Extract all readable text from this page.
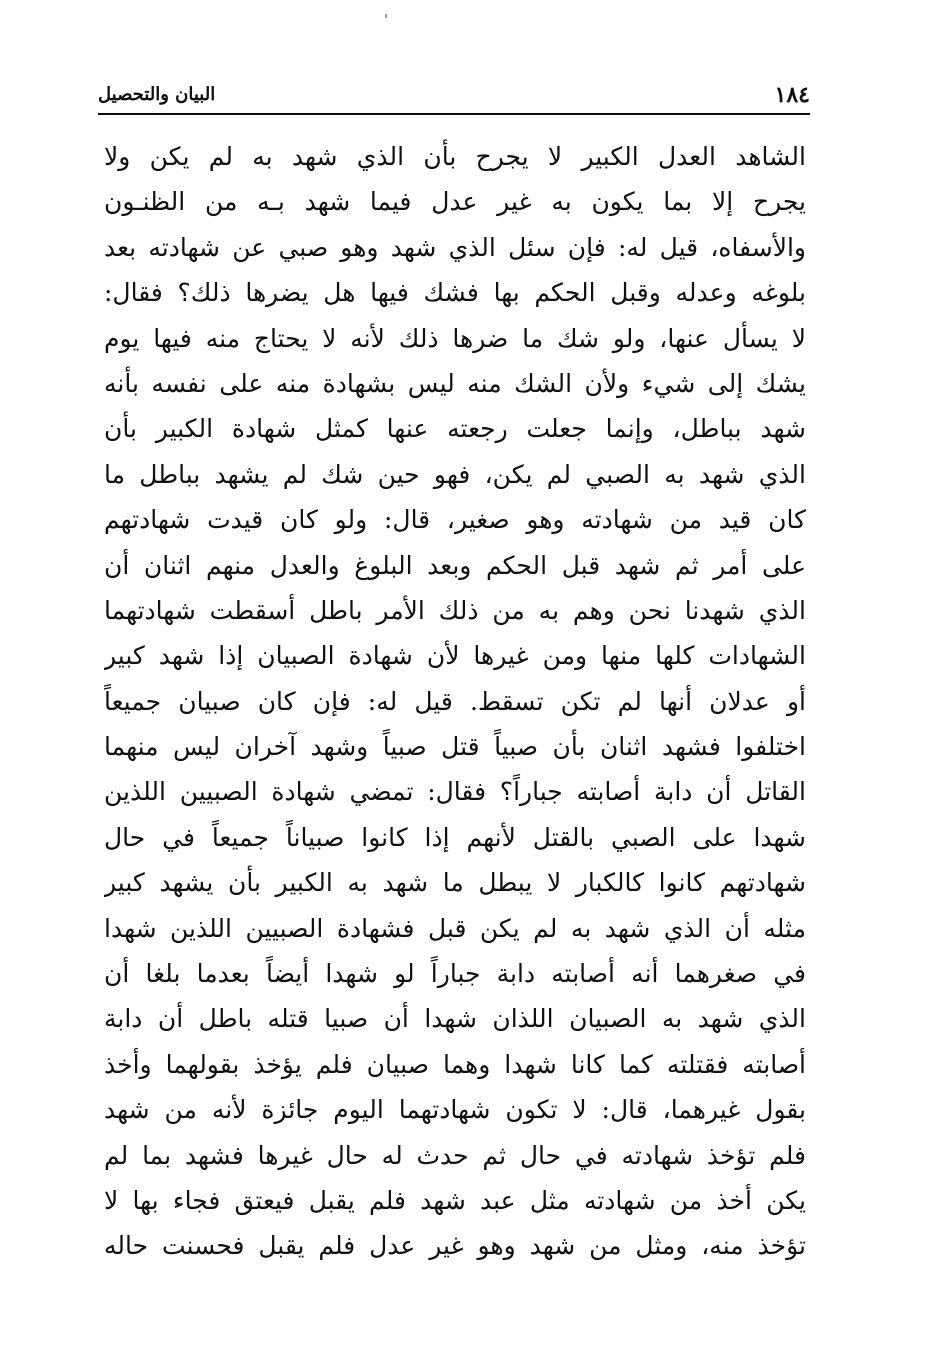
١٨٤
البيان والتحصيل
الشاهد العدل الكبير لا يجرح بأن الذي شهد به لم يكن ولا
يجرح إلا بما يكون به غير عدل فيما شهد بـه من الظنـون
والأسفاه، قيل له: فإن سئل الذي شهد وهو صبي عن شهادته بعد
بلوغه وعدله وقبل الحكم بها فشك فيها هل يضرها ذلك؟ فقال:
لا يسأل عنها، ولو شك ما ضرها ذلك لأنه لا يحتاج منه فيها يوم
يشك إلى شيء ولأن الشك منه ليس بشهادة منه على نفسه بأنه
شهد بباطل، وإنما جعلت رجعته عنها كمثل شهادة الكبير بأن
الذي شهد به الصبي لم يكن، فهو حين شك لم يشهد بباطل ما
كان قيد من شهادته وهو صغير، قال: ولو كان قيدت شهادتهم
على أمر ثم شهد قبل الحكم وبعد البلوغ والعدل منهم اثنان أن
الذي شهدنا نحن وهم به من ذلك الأمر باطل أسقطت شهادتهما
الشهادات كلها منها ومن غيرها لأن شهادة الصبيان إذا شهد كبير
أو عدلان أنها لم تكن تسقط. قيل له: فإن كان صبيان جميعاً
اختلفوا فشهد اثنان بأن صبياً قتل صبياً وشهد آخران ليس منهما
القاتل أن دابة أصابته جباراً؟ فقال: تمضي شهادة الصبيين اللذين
شهدا على الصبي بالقتل لأنهم إذا كانوا صبياناً جميعاً في حال
شهادتهم كانوا كالكبار لا يبطل ما شهد به الكبير بأن يشهد كبير
مثله أن الذي شهد به لم يكن قبل فشهادة الصبيين اللذين شهدا
في صغرهما أنه أصابته دابة جباراً لو شهدا أيضاً بعدما بلغا أن
الذي شهد به الصبيان اللذان شهدا أن صبيا قتله باطل أن دابة
أصابته فقتلته كما كانا شهدا وهما صبيان فلم يؤخذ بقولهما وأخذ
بقول غيرهما، قال: لا تكون شهادتهما اليوم جائزة لأنه من شهد
فلم تؤخذ شهادته في حال ثم حدث له حال غيرها فشهد بما لم
يكن أخذ من شهادته مثل عبد شهد فلم يقبل فيعتق فجاء بها لا
تؤخذ منه، ومثل من شهد وهو غير عدل فلم يقبل فحسنت حاله
